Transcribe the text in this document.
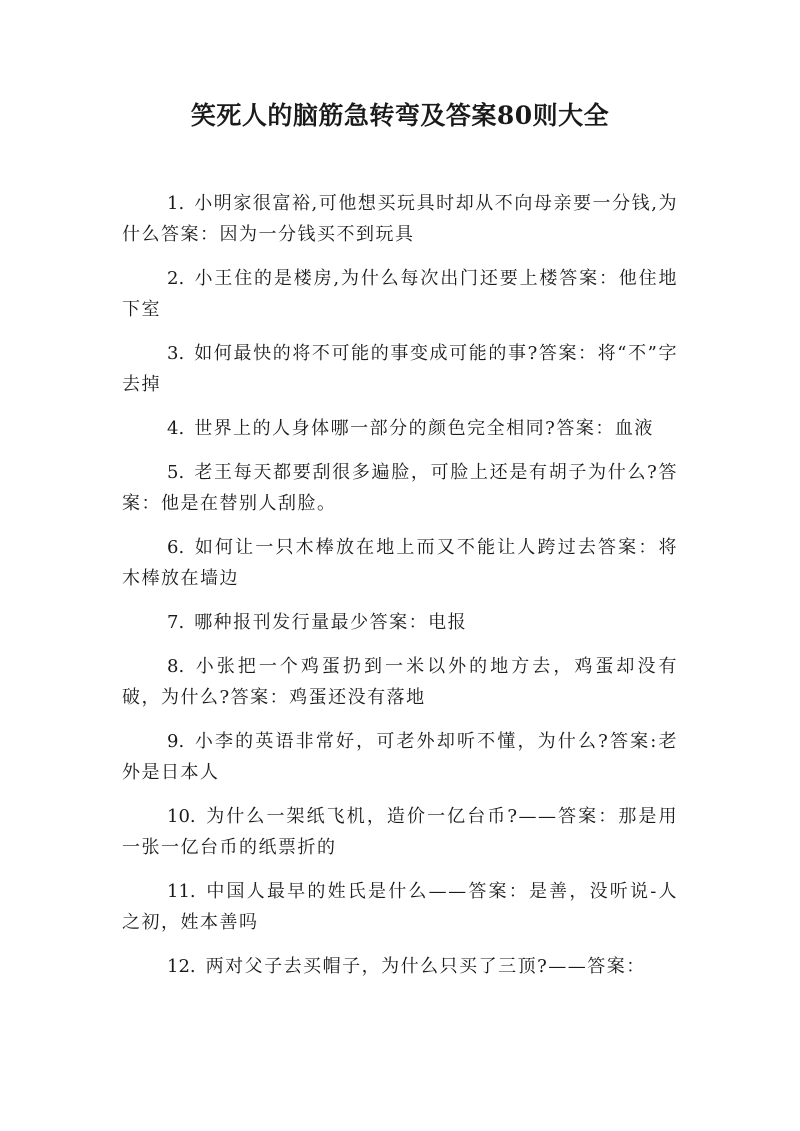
笑死人的脑筋急转弯及答案80则大全

1. 小明家很富裕,可他想买玩具时却从不向母亲要一分钱,为什么答案：因为一分钱买不到玩具

2. 小王住的是楼房,为什么每次出门还要上楼答案：他住地下室

3. 如何最快的将不可能的事变成可能的事?答案：将“不”字去掉

4. 世界上的人身体哪一部分的颜色完全相同?答案：血液

5. 老王每天都要刮很多遍脸，可脸上还是有胡子为什么?答案：他是在替别人刮脸。

6. 如何让一只木棒放在地上而又不能让人跨过去答案：将木棒放在墙边

7. 哪种报刊发行量最少答案：电报

8. 小张把一个鸡蛋扔到一米以外的地方去，鸡蛋却没有破，为什么?答案：鸡蛋还没有落地

9. 小李的英语非常好，可老外却听不懂，为什么?答案:老外是日本人

10. 为什么一架纸飞机，造价一亿台币?——答案：那是用一张一亿台币的纸票折的

11. 中国人最早的姓氏是什么——答案：是善，没听说-人之初，姓本善吗

12. 两对父子去买帽子，为什么只买了三顶?——答案：
